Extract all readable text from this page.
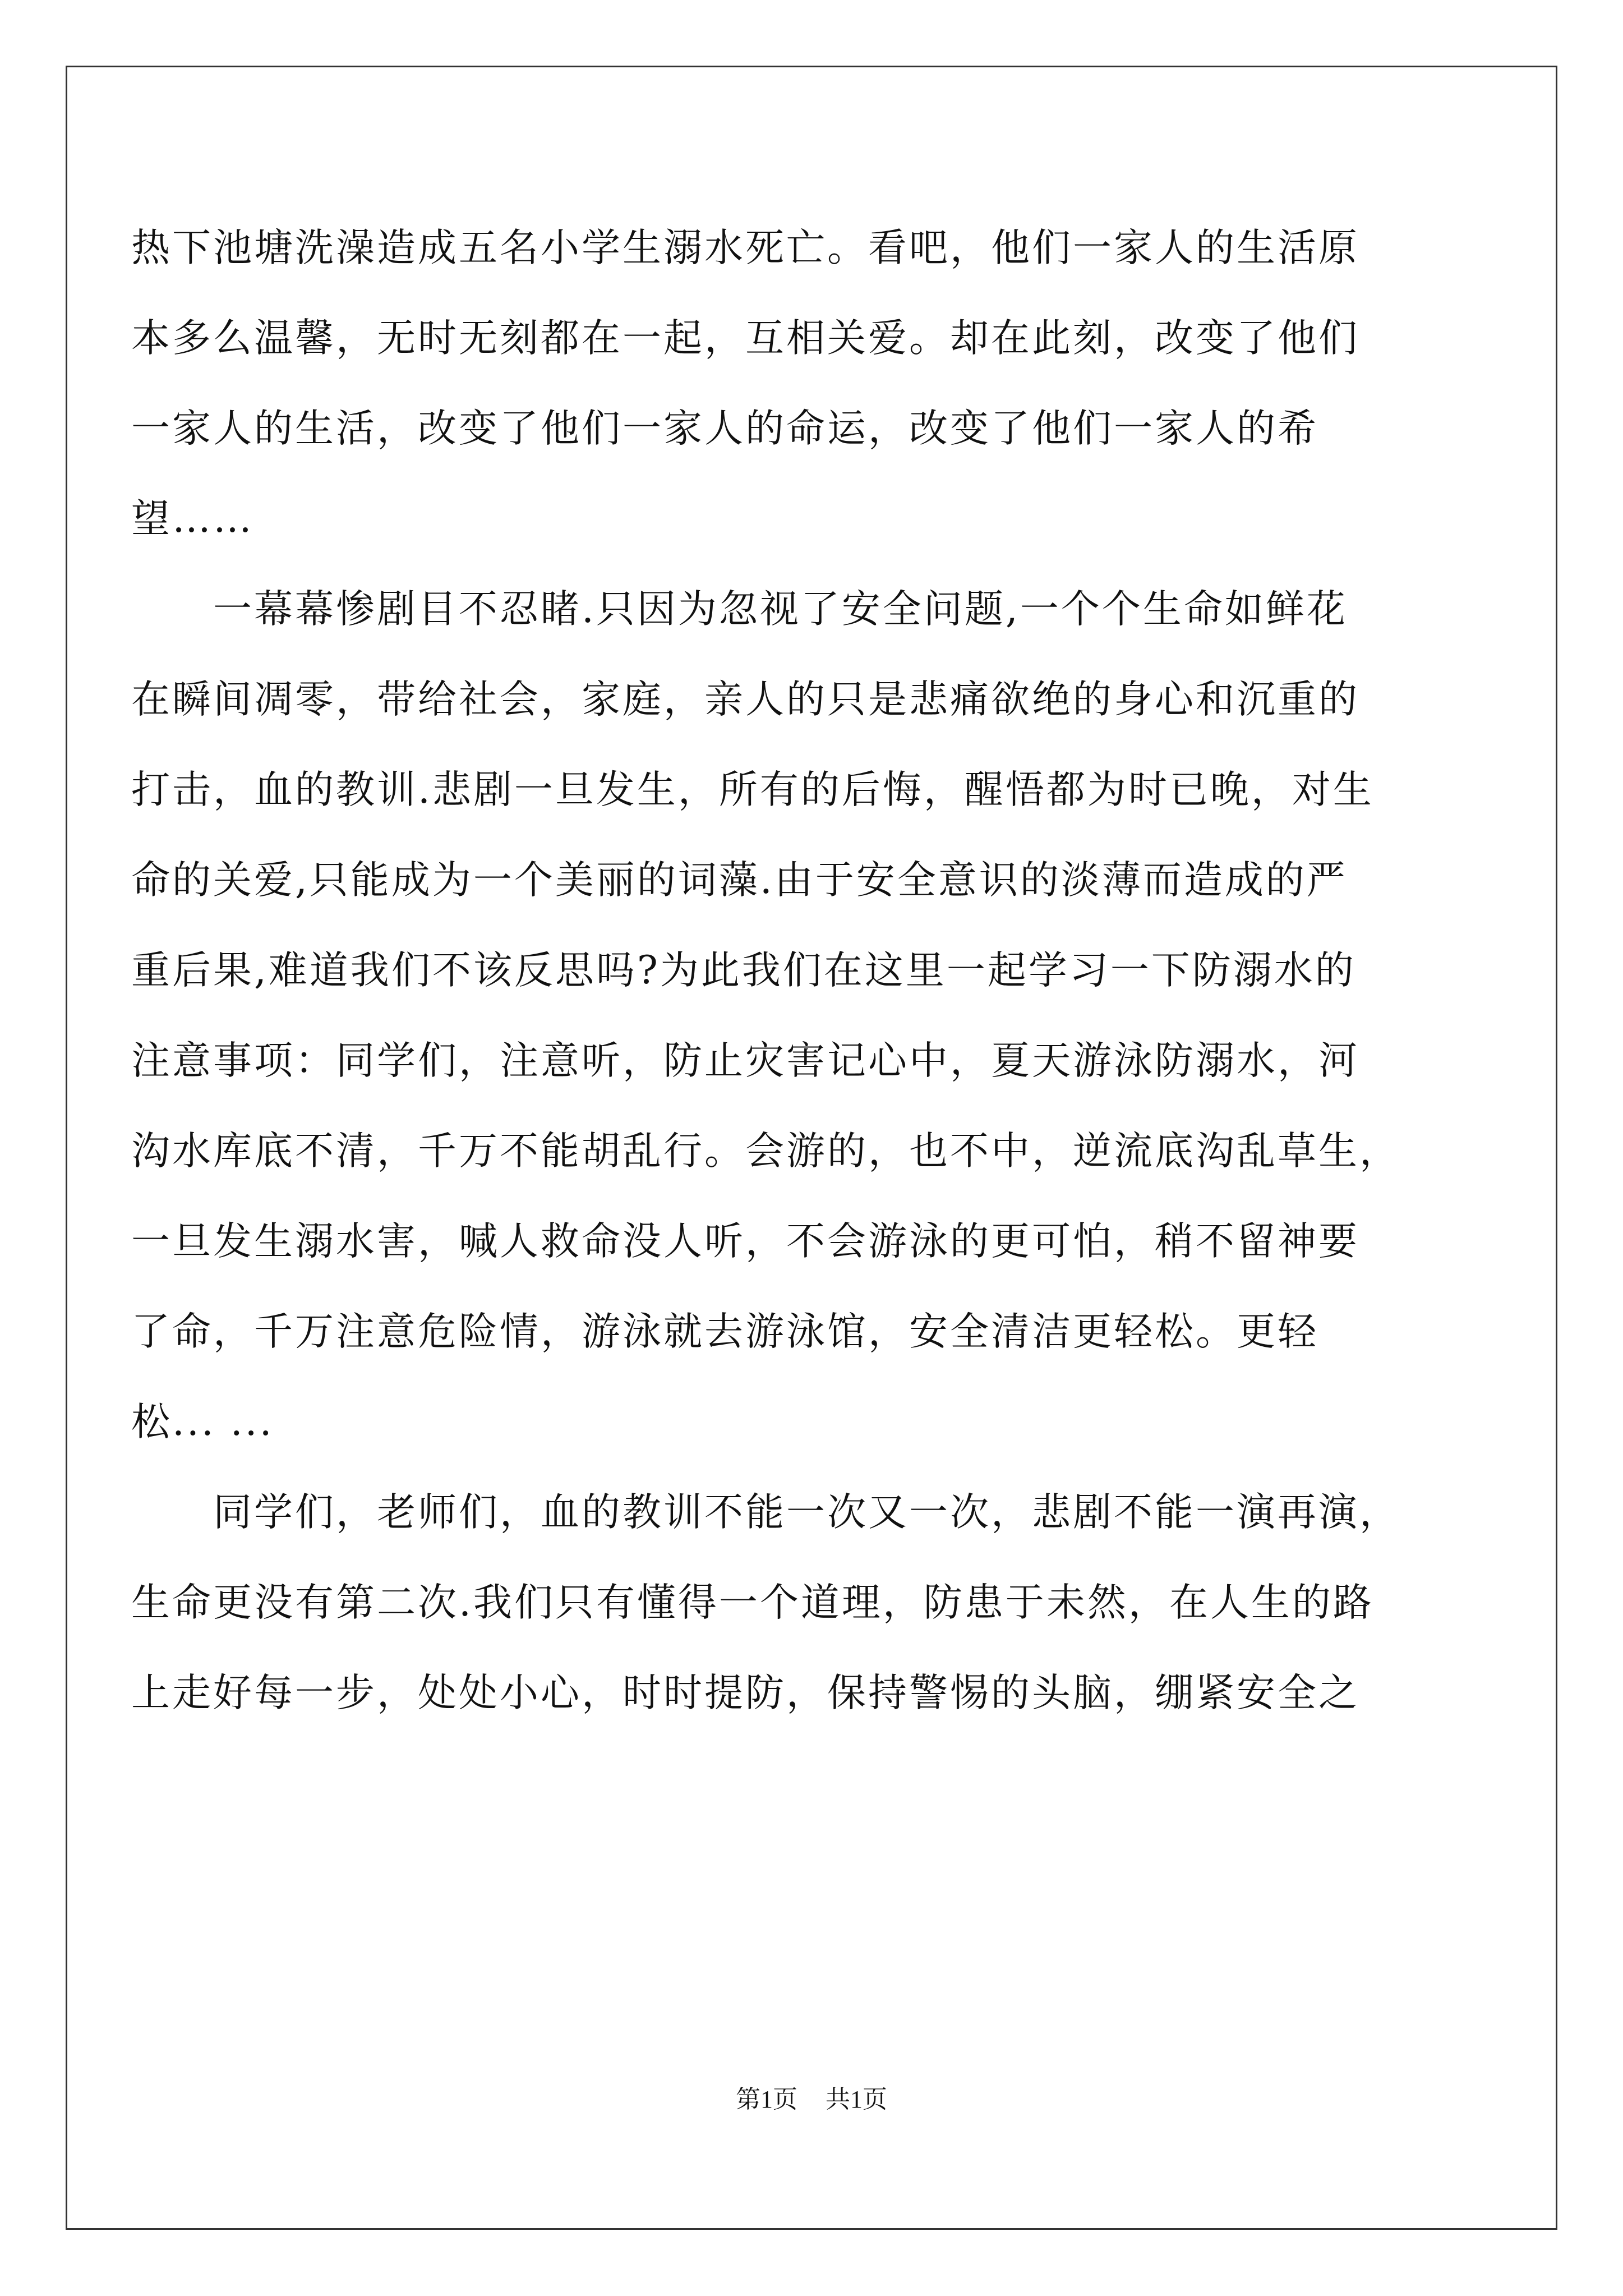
热下池塘洗澡造成五名小学生溺水死亡。看吧，他们一家人的生活原
本多么温馨，无时无刻都在一起，互相关爱。却在此刻，改变了他们
一家人的生活，改变了他们一家人的命运，改变了他们一家人的希
望……
　　一幕幕惨剧目不忍睹.只因为忽视了安全问题,一个个生命如鲜花
在瞬间凋零，带给社会，家庭，亲人的只是悲痛欲绝的身心和沉重的
打击，血的教训.悲剧一旦发生，所有的后悔，醒悟都为时已晚，对生
命的关爱,只能成为一个美丽的词藻.由于安全意识的淡薄而造成的严
重后果,难道我们不该反思吗?为此我们在这里一起学习一下防溺水的
注意事项：同学们，注意听，防止灾害记心中，夏天游泳防溺水，河
沟水库底不清，千万不能胡乱行。会游的，也不中，逆流底沟乱草生，
一旦发生溺水害，喊人救命没人听，不会游泳的更可怕，稍不留神要
了命，千万注意危险情，游泳就去游泳馆，安全清洁更轻松。更轻
松... ...
　　同学们，老师们，血的教训不能一次又一次，悲剧不能一演再演，
生命更没有第二次.我们只有懂得一个道理，防患于未然，在人生的路
上走好每一步，处处小心，时时提防，保持警惕的头脑，绷紧安全之
第1页 共1页
